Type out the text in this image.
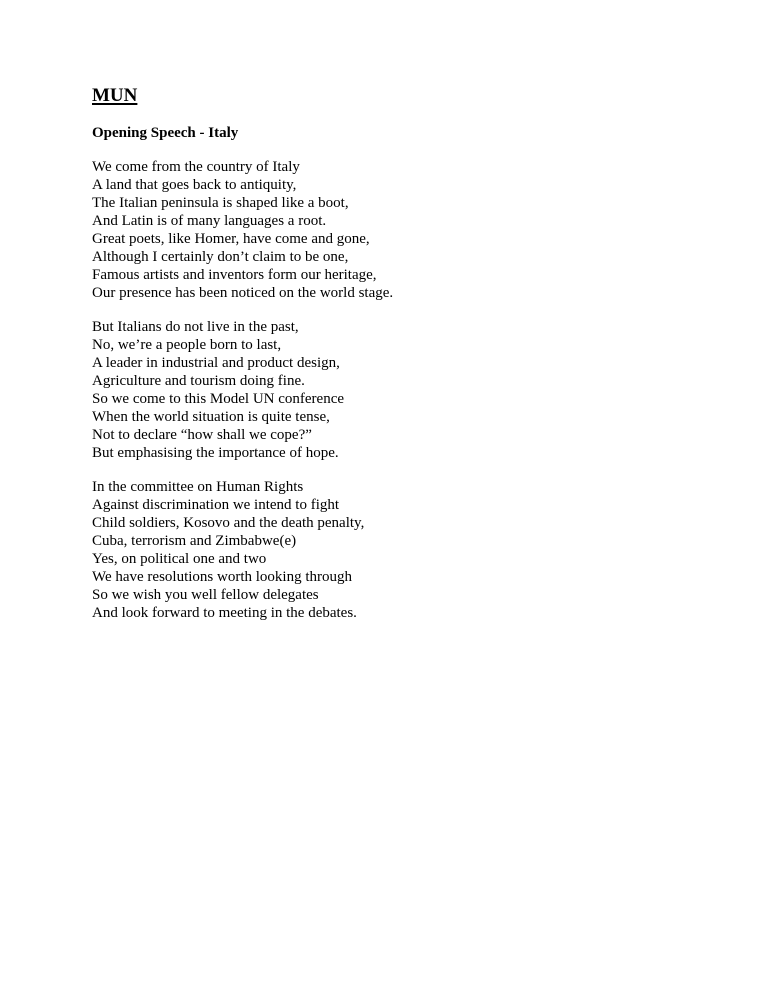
MUN
Opening Speech - Italy
We come from the country of Italy
A land that goes back to antiquity,
The Italian peninsula is shaped like a boot,
And Latin is of many languages a root.
Great poets, like Homer, have come and gone,
Although I certainly don’t claim to be one,
Famous artists and inventors form our heritage,
Our presence has been noticed on the world stage.
But Italians do not live in the past,
No, we’re a people born to last,
A leader in industrial and product design,
Agriculture and tourism doing fine.
So we come to this Model UN conference
When the world situation is quite tense,
Not to declare “how shall we cope?”
But emphasising the importance of hope.
In the committee on Human Rights
Against discrimination we intend to fight
Child soldiers, Kosovo and the death penalty,
Cuba, terrorism and Zimbabwe(e)
Yes, on political one and two
We have resolutions worth looking through
So we wish you well fellow delegates
And look forward to meeting in the debates.
